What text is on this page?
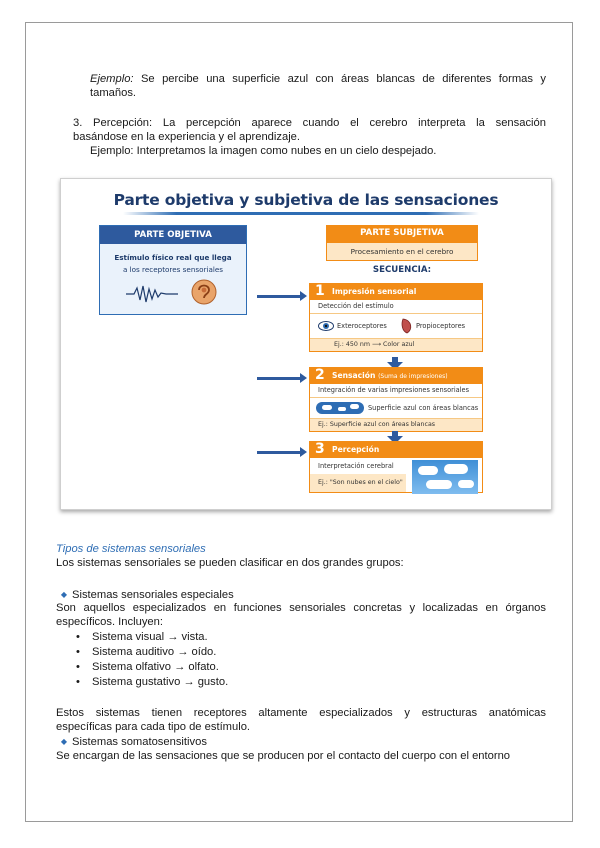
Ejemplo: Se percibe una superficie azul con áreas blancas de diferentes formas y
tamaños.
3. Percepción: La percepción aparece cuando el cerebro interpreta la sensación
basándose en la experiencia y el aprendizaje.
Ejemplo: Interpretamos la imagen como nubes en un cielo despejado.
Parte objetiva y subjetiva de las sensaciones
PARTE OBJETIVA
Estímulo físico real que llega
a los receptores sensoriales
PARTE SUBJETIVA
Procesamiento en el cerebro
SECUENCIA:
1 Impresión sensorial
Detección del estímulo
Exteroceptores	Propioceptores
Ej.: 450 nm ⟶ Color azul
2 Sensación (Suma de impresiones)
Integración de varias impresiones sensoriales
Superficie azul con áreas blancas
Ej.: Superficie azul con áreas blancas
3 Percepción
Interpretación cerebral
Ej.: "Son nubes en el cielo"
Tipos de sistemas sensoriales
Los sistemas sensoriales se pueden clasificar en dos grandes grupos:
◆ Sistemas sensoriales especiales
Son aquellos especializados en funciones sensoriales concretas y localizadas en órganos
específicos. Incluyen:
• Sistema visual → vista.
• Sistema auditivo → oído.
• Sistema olfativo → olfato.
• Sistema gustativo → gusto.
Estos sistemas tienen receptores altamente especializados y estructuras anatómicas
específicas para cada tipo de estímulo.
◆ Sistemas somatosensitivos
Se encargan de las sensaciones que se producen por el contacto del cuerpo con el entorno
